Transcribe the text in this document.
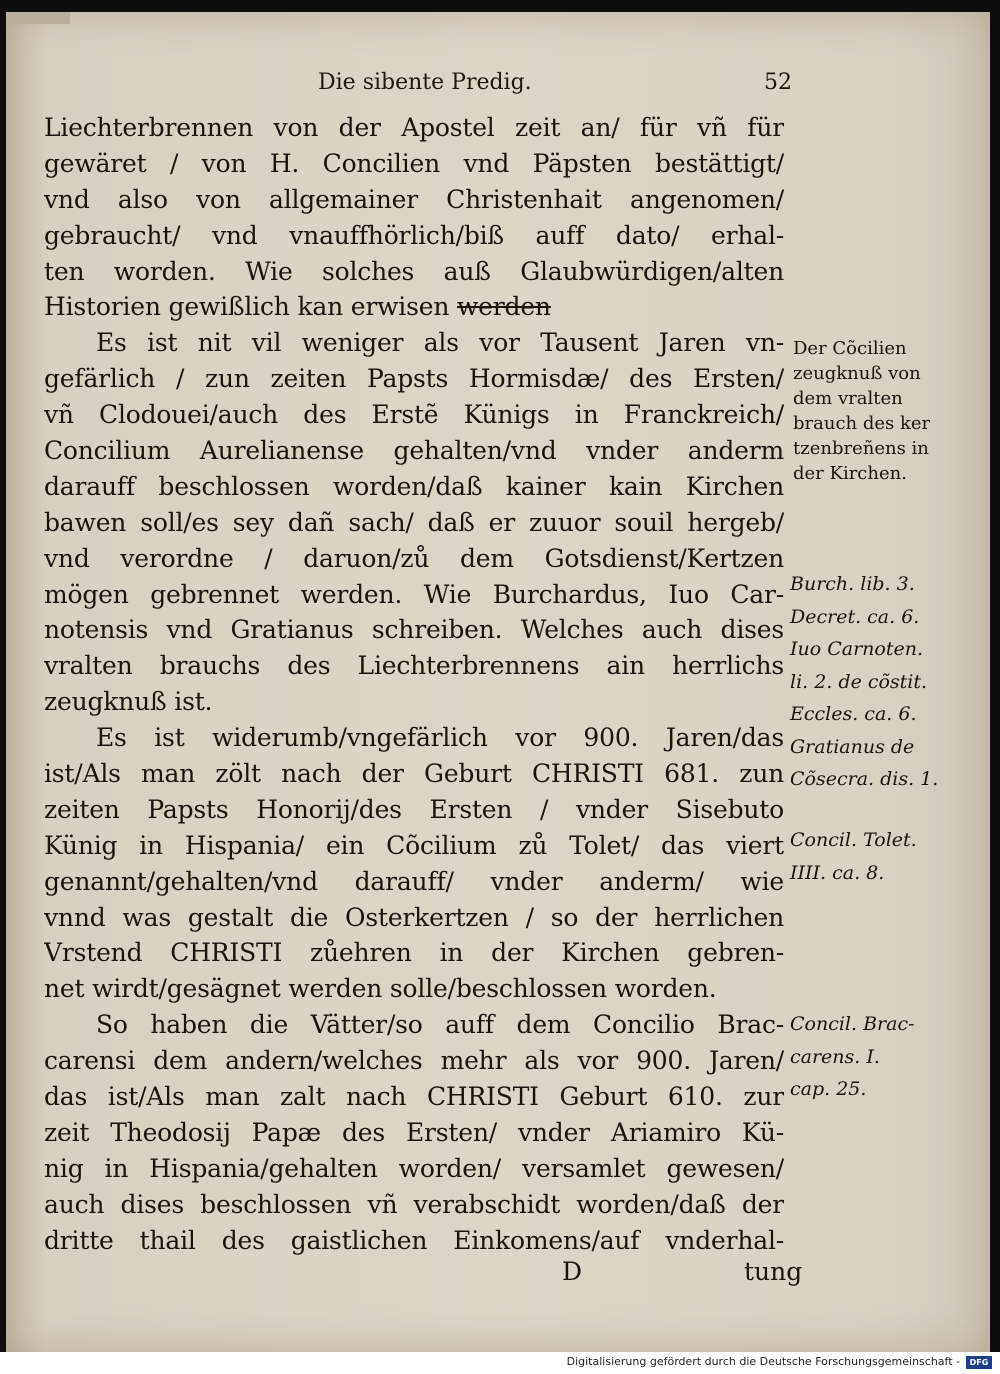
Die sibente Predig.	52
Liechterbrennen von der Apostel zeit an/ für vñ für
gewäret / von H. Concilien vnd Päpsten bestättigt/
vnd also von allgemainer Christenhait angenomen/
gebraucht/ vnd vnauffhörlich/biß auff dato/ erhal-
ten worden. Wie solches auß Glaubwürdigen/alten
Historien gewißlich kan erwisen werden
Es ist nit vil weniger als vor Tausent Jaren vn-
gefärlich / zun zeiten Papsts Hormisdæ/ des Ersten/
vñ Clodouei/auch des Erstẽ Künigs in Franckreich/
Concilium Aurelianense gehalten/vnd vnder anderm
darauff beschlossen worden/daß kainer kain Kirchen
bawen soll/es sey dañ sach/ daß er zuuor souil hergeb/
vnd verordne / daruon/zů dem Gotsdienst/Kertzen
mögen gebrennet werden. Wie Burchardus, Iuo Car-
notensis vnd Gratianus schreiben. Welches auch dises
vralten brauchs des Liechterbrennens ain herrlichs
zeugknuß ist.
Es ist widerumb/vngefärlich vor 900. Jaren/das
ist/Als man zölt nach der Geburt CHRISTI 681. zun
zeiten Papsts Honorij/des Ersten / vnder Sisebuto
Künig in Hispania/ ein Cõcilium zů Tolet/ das viert
genannt/gehalten/vnd darauff/ vnder anderm/ wie
vnnd was gestalt die Osterkertzen / so der herrlichen
Vrstend CHRISTI zůehren in der Kirchen gebren-
net wirdt/gesägnet werden solle/beschlossen worden.
So haben die Vätter/so auff dem Concilio Brac-
carensi dem andern/welches mehr als vor 900. Jaren/
das ist/Als man zalt nach CHRISTI Geburt 610. zur
zeit Theodosij Papæ des Ersten/ vnder Ariamiro Kü-
nig in Hispania/gehalten worden/ versamlet gewesen/
auch dises beschlossen vñ verabschidt worden/daß der
dritte thail des gaistlichen Einkomens/auf vnderhal-
D	tung
Der Cõcilien
zeugknuß von
dem vralten
brauch des ker
tzenbreñens in
der Kirchen.
Burch. lib. 3.
Decret. ca. 6.
Iuo Carnoten.
li. 2. de cõstit.
Eccles. ca. 6.
Gratianus de
Cõsecra. dis. 1.
Concil. Tolet.
IIII. ca. 8.
Concil. Brac-
carens. I.
cap. 25.
Digitalisierung gefördert durch die Deutsche Forschungsgemeinschaft -	DFG
